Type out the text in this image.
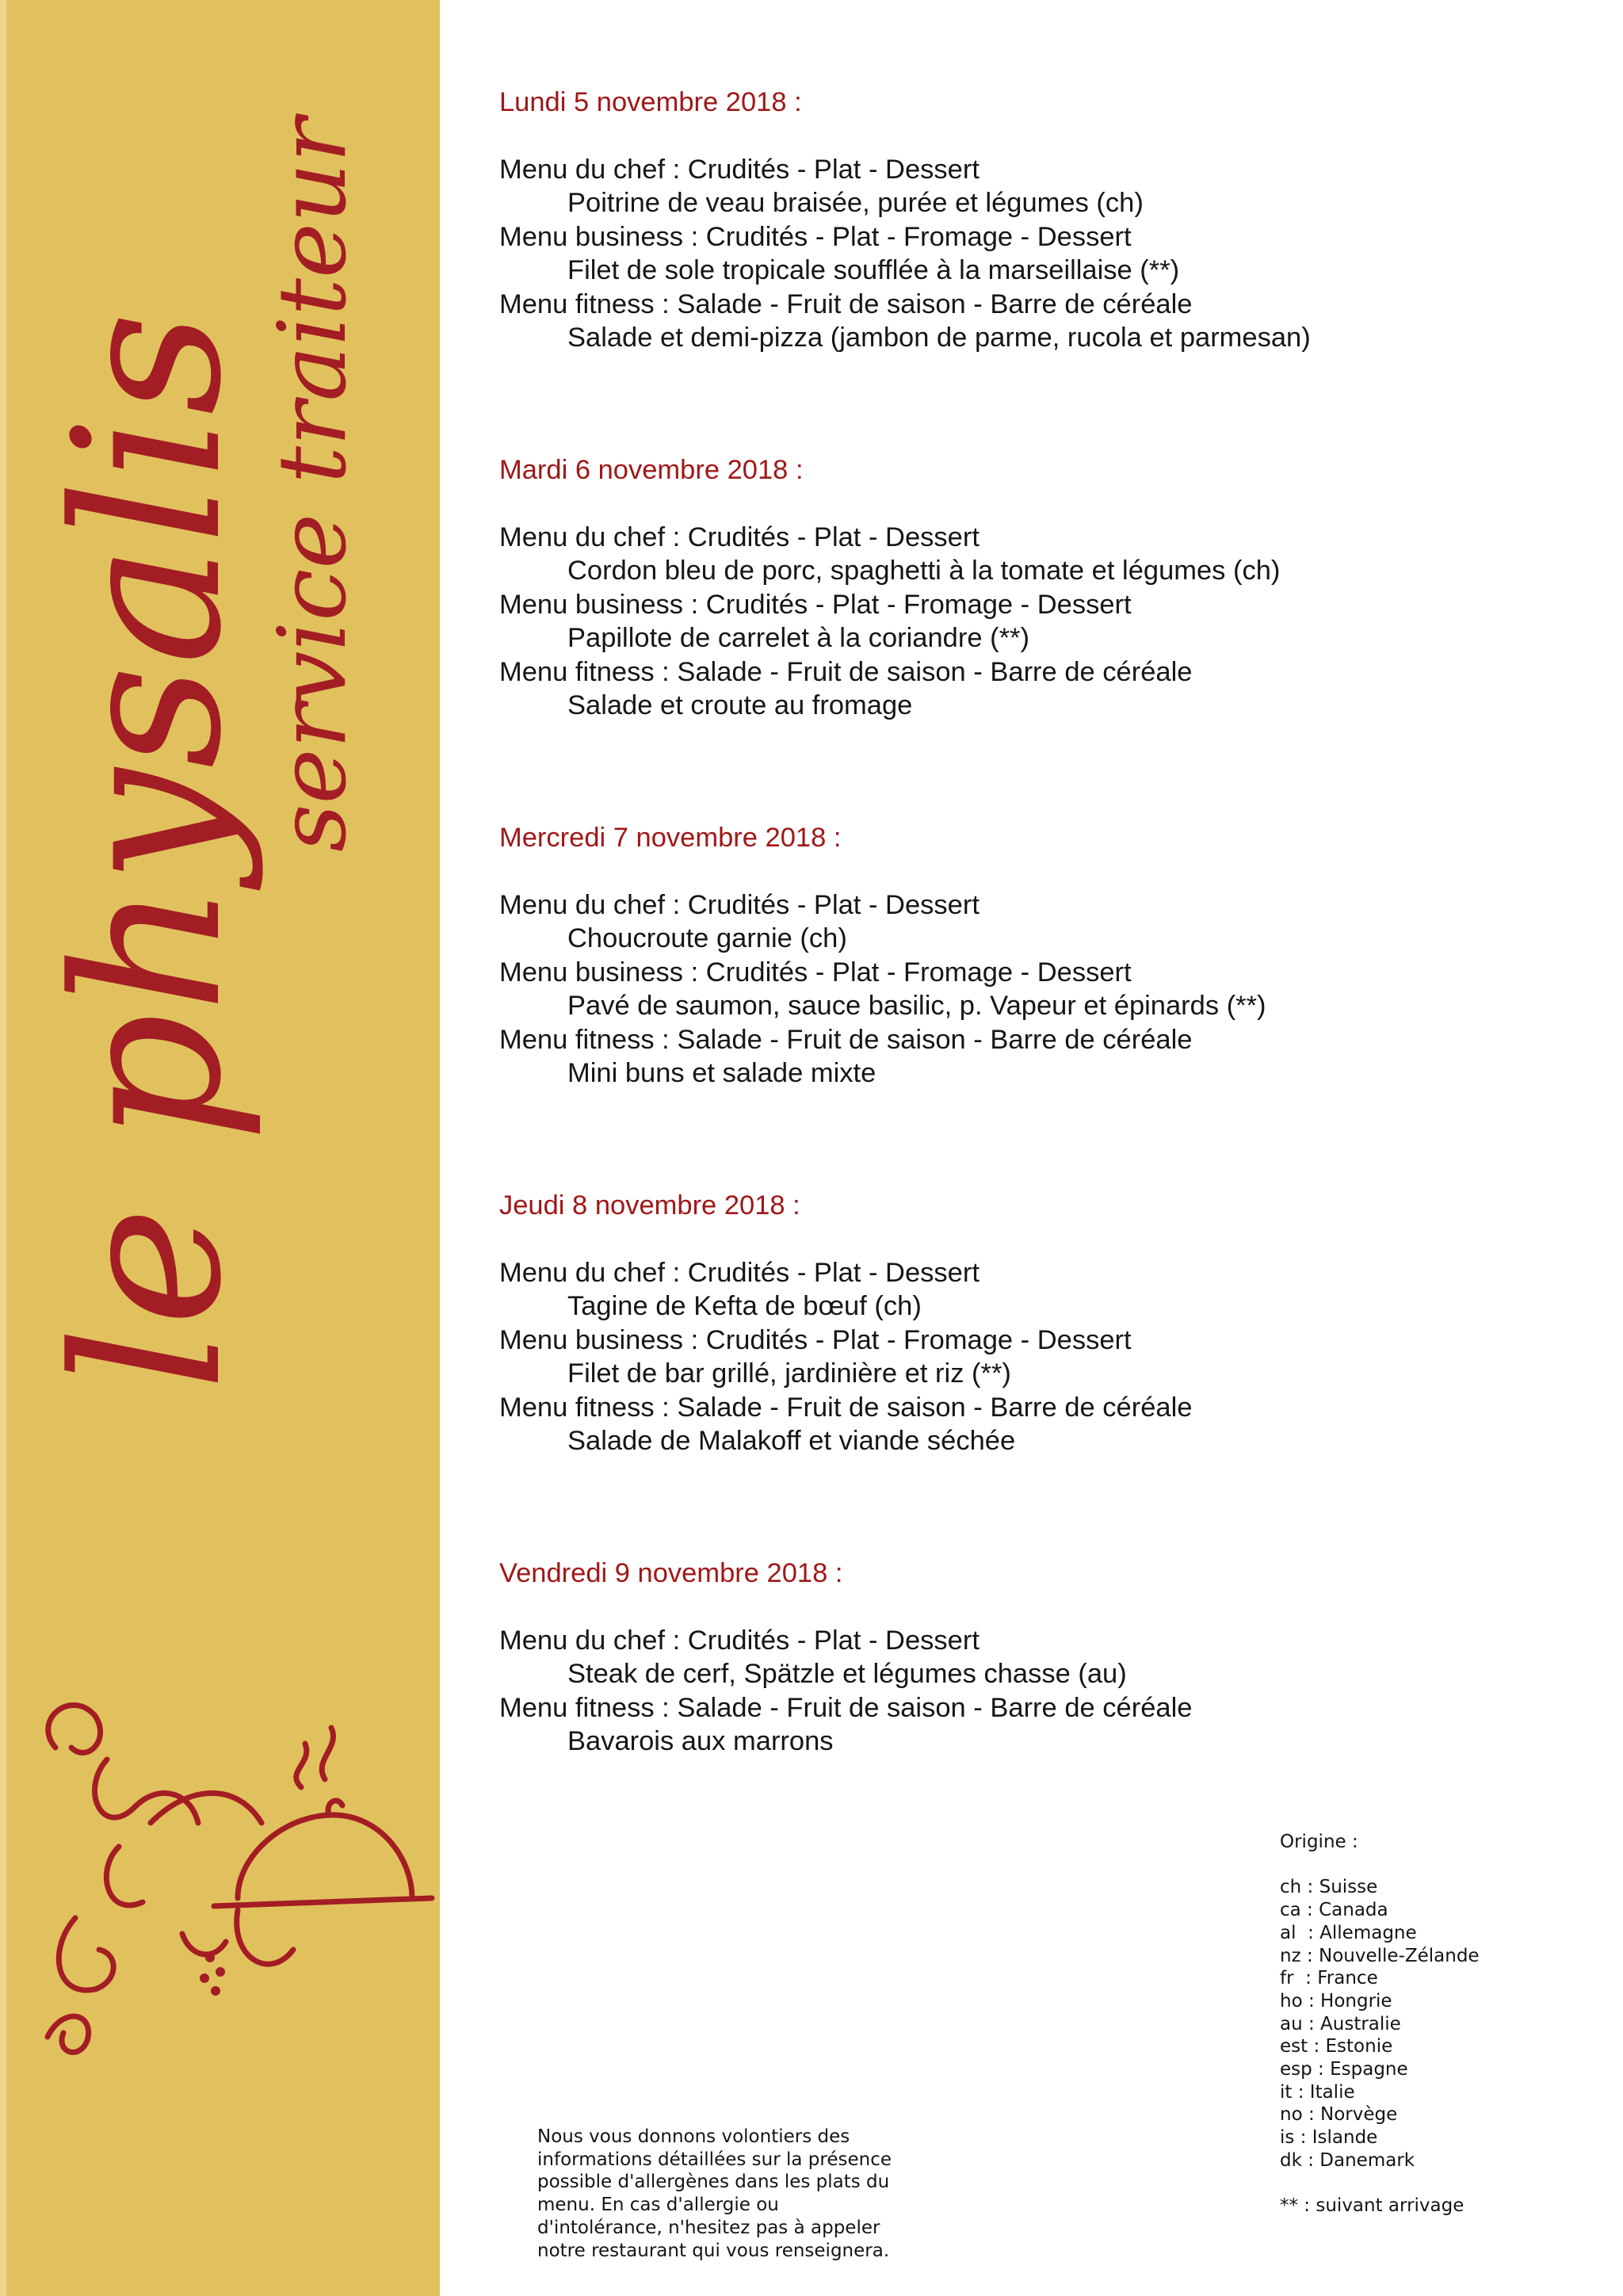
le physalis
service traiteur
Lundi 5 novembre 2018 :
Menu du chef : Crudités - Plat - Dessert
Poitrine de veau braisée, purée et légumes (ch)
Menu business : Crudités - Plat - Fromage - Dessert
Filet de sole tropicale soufflée à la marseillaise (**)
Menu fitness : Salade - Fruit de saison - Barre de céréale
Salade et demi-pizza (jambon de parme, rucola et parmesan)
Mardi 6 novembre 2018 :
Menu du chef : Crudités - Plat - Dessert
Cordon bleu de porc, spaghetti à la tomate et légumes (ch)
Menu business : Crudités - Plat - Fromage - Dessert
Papillote de carrelet à la coriandre (**)
Menu fitness : Salade - Fruit de saison - Barre de céréale
Salade et croute au fromage
Mercredi 7 novembre 2018 :
Menu du chef : Crudités - Plat - Dessert
Choucroute garnie (ch)
Menu business : Crudités - Plat - Fromage - Dessert
Pavé de saumon, sauce basilic, p. Vapeur et épinards (**)
Menu fitness : Salade - Fruit de saison - Barre de céréale
Mini buns et salade mixte
Jeudi 8 novembre 2018 :
Menu du chef : Crudités - Plat - Dessert
Tagine de Kefta de bœuf (ch)
Menu business : Crudités - Plat - Fromage - Dessert
Filet de bar grillé, jardinière et riz (**)
Menu fitness : Salade - Fruit de saison - Barre de céréale
Salade de Malakoff et viande séchée
Vendredi 9 novembre 2018 :
Menu du chef : Crudités - Plat - Dessert
Steak de cerf, Spätzle et légumes chasse (au)
Menu fitness : Salade - Fruit de saison - Barre de céréale
Bavarois aux marrons
Origine :
ch : Suisse
ca : Canada
al  : Allemagne
nz : Nouvelle-Zélande
fr  : France
ho : Hongrie
au : Australie
est : Estonie
esp : Espagne
it : Italie
no : Norvège
is : Islande
dk : Danemark
** : suivant arrivage
Nous vous donnons volontiers des
informations détaillées sur la présence
possible d'allergènes dans les plats du
menu. En cas d'allergie ou
d'intolérance, n'hesitez pas à appeler
notre restaurant qui vous renseignera.
